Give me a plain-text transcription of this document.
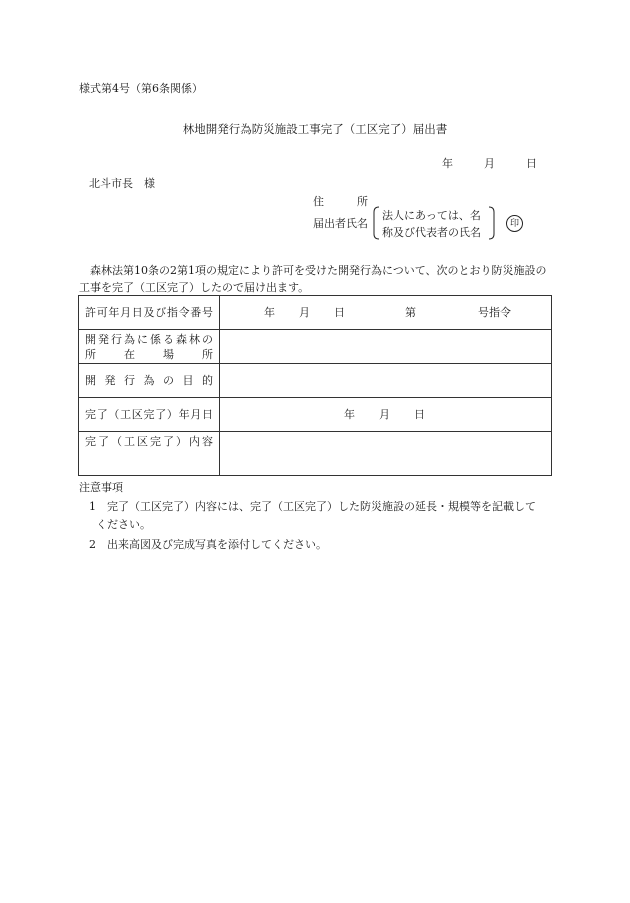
様式第4号（第6条関係）
林地開発行為防災施設工事完了（工区完了）届出書
年	月	日
北斗市長　様
住　　　所
届出者氏名
法人にあっては、名
称及び代表者の氏名
印
森林法第10条の2第1項の規定により許可を受けた開発行為について、次のとおり防災施設の工事を完了（工区完了）したので届け出ます。
許可年月日及び指令番号	年 月 日 第 号指令

開発行為に係る森林の
所　在　場　所	

開発行為の目的	
完了（工区完了）年月日	年 月 日

完了（工区完了）内容	

注意事項
1　完了（工区完了）内容には、完了（工区完了）した防災施設の延長・規模等を記載して
ください。
2　出来高図及び完成写真を添付してください。
